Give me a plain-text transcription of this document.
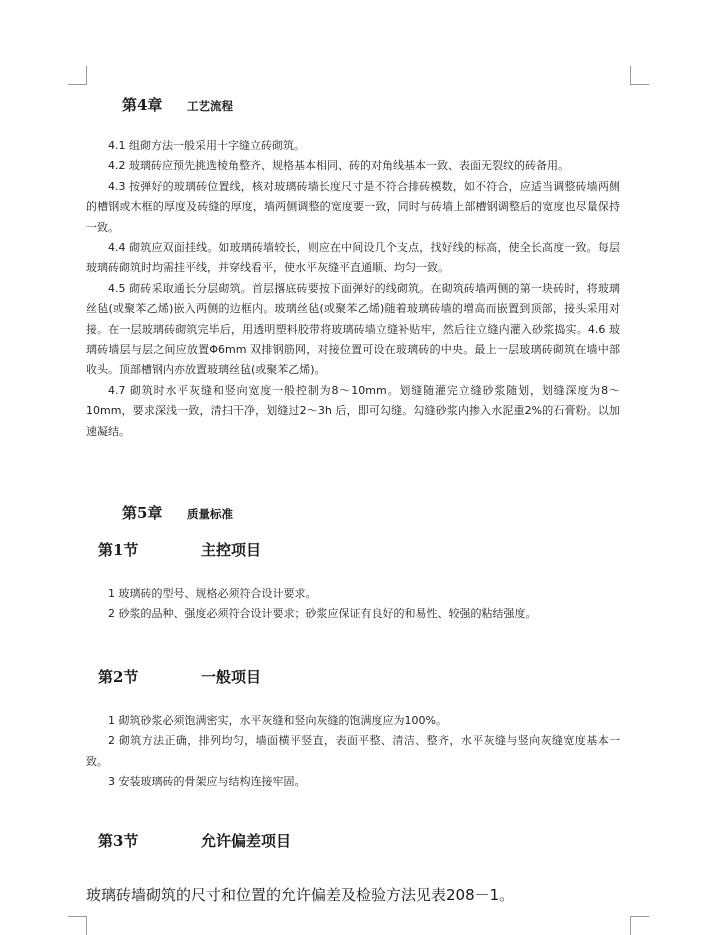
第4章 工艺流程

4.1 组砌方法一般采用十字缝立砖砌筑。

4.2 玻璃砖应预先挑选棱角整齐、规格基本相同、砖的对角线基本一致、表面无裂纹的砖备用。

4.3 按弹好的玻璃砖位置线，核对玻璃砖墙长度尺寸是不符合排砖模数，如不符合，应适当调整砖墙两侧的槽钢或木框的厚度及砖缝的厚度，墙两侧调整的宽度要一致，同时与砖墙上部槽钢调整后的宽度也尽量保持一致。

4.4 砌筑应双面挂线。如玻璃砖墙较长，则应在中间设几个支点，找好线的标高，使全长高度一致。每层玻璃砖砌筑时均需挂平线，并穿线看平，使水平灰缝平直通顺、均匀一致。

4.5 砌砖采取通长分层砌筑。首层撂底砖要按下面弹好的线砌筑。在砌筑砖墙两侧的第一块砖时，将玻璃丝毡(或聚苯乙烯)嵌入两侧的边框内。玻璃丝毡(或聚苯乙烯)随着玻璃砖墙的增高而嵌置到顶部，接头采用对接。在一层玻璃砖砌筑完毕后，用透明塑料胶带将玻璃砖墙立缝补贴牢，然后往立缝内灌入砂浆捣实。4.6 玻璃砖墙层与层之间应放置Φ6mm 双排钢筋网，对接位置可设在玻璃砖的中央。最上一层玻璃砖砌筑在墙中部收头。顶部槽钢内亦放置玻璃丝毡(或聚苯乙烯)。

4.7 砌筑时水平灰缝和竖向宽度一般控制为8～10mm。划缝随灌完立缝砂浆随划，划缝深度为8～10mm，要求深浅一致，清扫干净，划缝过2～3h 后，即可勾缝。勾缝砂浆内掺入水泥重2%的石膏粉。以加速凝结。

第5章 质量标准
第1节	主控项目

1 玻璃砖的型号、规格必须符合设计要求。

2 砂浆的品种、强度必须符合设计要求；砂浆应保证有良好的和易性、较强的粘结强度。

第2节	一般项目

1 砌筑砂浆必须饱满密实，水平灰缝和竖向灰缝的饱满度应为100%。

2 砌筑方法正确，排列均匀，墙面横平竖直，表面平整、清洁、整齐，水平灰缝与竖向灰缝宽度基本一致。

3 安装玻璃砖的骨架应与结构连接牢固。

第3节	允许偏差项目
玻璃砖墙砌筑的尺寸和位置的允许偏差及检验方法见表208－1。
